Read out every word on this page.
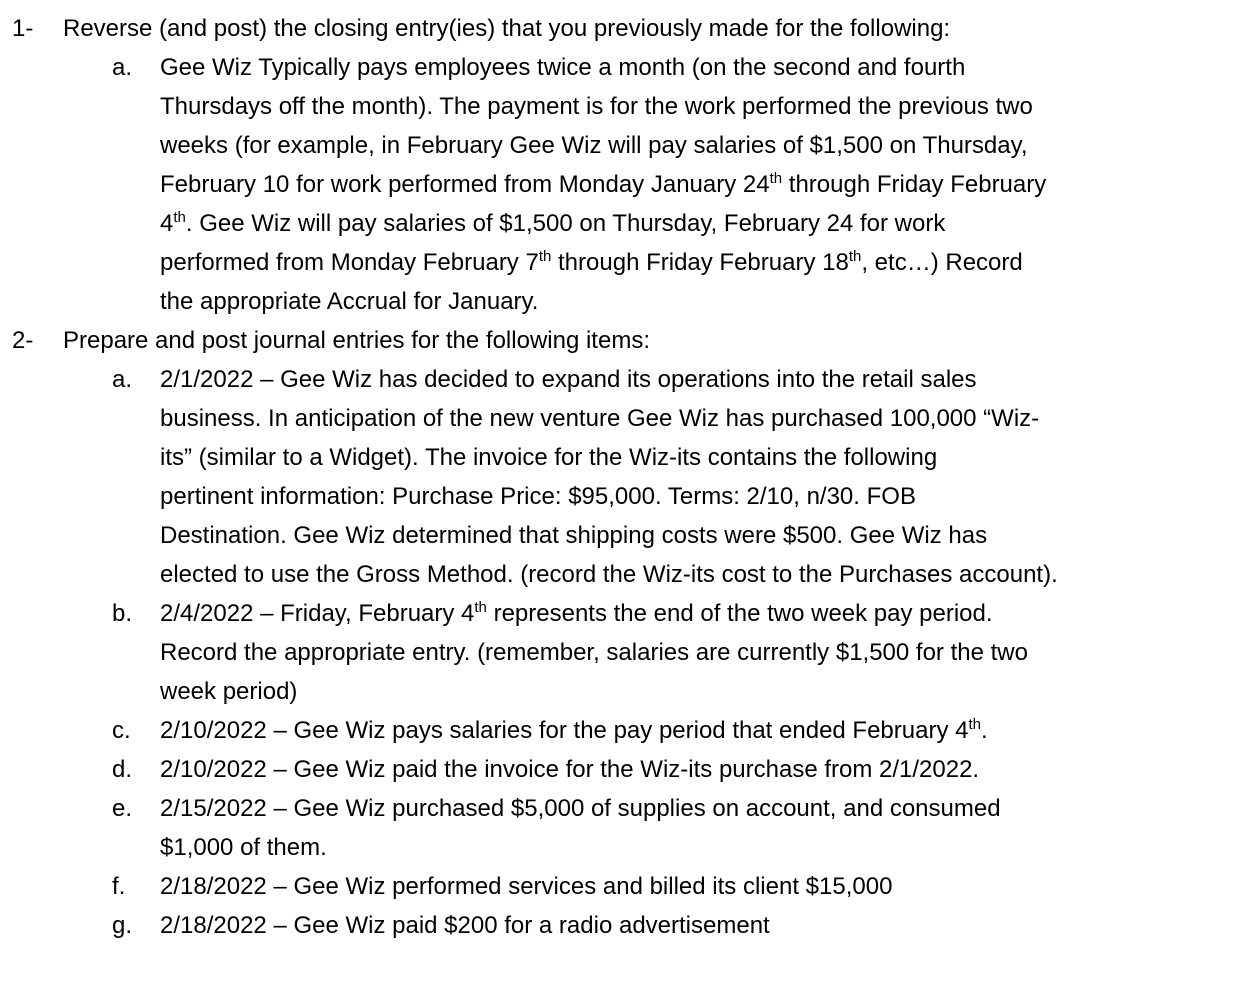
1- Reverse (and post) the closing entry(ies) that you previously made for the following:
a. Gee Wiz Typically pays employees twice a month (on the second and fourth
Thursdays off the month). The payment is for the work performed the previous two
weeks (for example, in February Gee Wiz will pay salaries of $1,500 on Thursday,
February 10 for work performed from Monday January 24th through Friday February
4th. Gee Wiz will pay salaries of $1,500 on Thursday, February 24 for work
performed from Monday February 7th through Friday February 18th, etc…) Record
the appropriate Accrual for January.
2- Prepare and post journal entries for the following items:
a. 2/1/2022 – Gee Wiz has decided to expand its operations into the retail sales
business. In anticipation of the new venture Gee Wiz has purchased 100,000 “Wiz-
its” (similar to a Widget). The invoice for the Wiz-its contains the following
pertinent information: Purchase Price: $95,000. Terms: 2/10, n/30. FOB
Destination. Gee Wiz determined that shipping costs were $500. Gee Wiz has
elected to use the Gross Method. (record the Wiz-its cost to the Purchases account).
b. 2/4/2022 – Friday, February 4th represents the end of the two week pay period.
Record the appropriate entry. (remember, salaries are currently $1,500 for the two
week period)
c. 2/10/2022 – Gee Wiz pays salaries for the pay period that ended February 4th.
d. 2/10/2022 – Gee Wiz paid the invoice for the Wiz-its purchase from 2/1/2022.
e. 2/15/2022 – Gee Wiz purchased $5,000 of supplies on account, and consumed
$1,000 of them.
f. 2/18/2022 – Gee Wiz performed services and billed its client $15,000
g. 2/18/2022 – Gee Wiz paid $200 for a radio advertisement
